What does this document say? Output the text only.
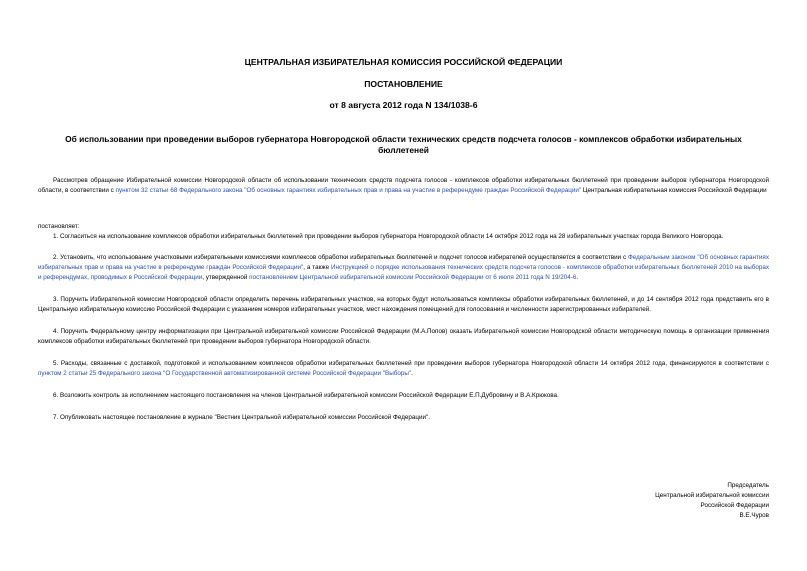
ЦЕНТРАЛЬНАЯ ИЗБИРАТЕЛЬНАЯ КОМИССИЯ РОССИЙСКОЙ ФЕДЕРАЦИИ
ПОСТАНОВЛЕНИЕ
от 8 августа 2012 года N 134/1038-6
Об использовании при проведении выборов губернатора Новгородской области технических средств подсчета голосов - комплексов обработки избирательных бюллетеней

Рассмотрев обращение Избирательной комиссии Новгородской области об использовании технических средств подсчета голосов - комплексов обработки избирательных бюллетеней при проведении выборов губернатора Новгородской области, в соответствии с пунктом 32 статьи 68 Федерального закона "Об основных гарантиях избирательных прав и права на участие в референдуме граждан Российской Федерации" Центральная избирательная комиссия Российской Федерации

постановляет:

1. Согласиться на использование комплексов обработки избирательных бюллетеней при проведении выборов губернатора Новгородской области 14 октября 2012 года на 28 избирательных участках города Великого Новгорода.

2. Установить, что использование участковыми избирательными комиссиями комплексов обработки избирательных бюллетеней и подсчет голосов избирателей осуществляется в соответствии с Федеральным законом "Об основных гарантиях избирательных прав и права на участие в референдуме граждан Российской Федерации", а также Инструкцией о порядке использования технических средств подсчета голосов - комплексов обработки избирательных бюллетеней 2010 на выборах и референдумах, проводимых в Российской Федерации, утвержденной постановлением Центральной избирательной комиссии Российской Федерации от 6 июля 2011 года N 19/204-6.

3. Поручить Избирательной комиссии Новгородской области определить перечень избирательных участков, на которых будут использоваться комплексы обработки избирательных бюллетеней, и до 14 сентября 2012 года представить его в Центральную избирательную комиссию Российской Федерации с указанием номеров избирательных участков, мест нахождения помещений для голосования и численности зарегистрированных избирателей.

4. Поручить Федеральному центру информатизации при Центральной избирательной комиссии Российской Федерации (М.А.Попов) оказать Избирательной комиссии Новгородской области методическую помощь в организации применения комплексов обработки избирательных бюллетеней при проведении выборов губернатора Новгородской области.

5. Расходы, связанные с доставкой, подготовкой и использованием комплексов обработки избирательных бюллетеней при проведении выборов губернатора Новгородской области 14 октября 2012 года, финансируются в соответствии с пунктом 2 статьи 25 Федерального закона "О Государственной автоматизированной системе Российской Федерации "Выборы".

6. Возложить контроль за исполнением настоящего постановления на членов Центральной избирательной комиссии Российской Федерации Е.П.Дубровину и В.А.Крюкова.

7. Опубликовать настоящее постановление в журнале "Вестник Центральной избирательной комиссии Российской Федерации".

Председатель
Центральной избирательной комиссии
Российской Федерации
В.Е.Чуров
